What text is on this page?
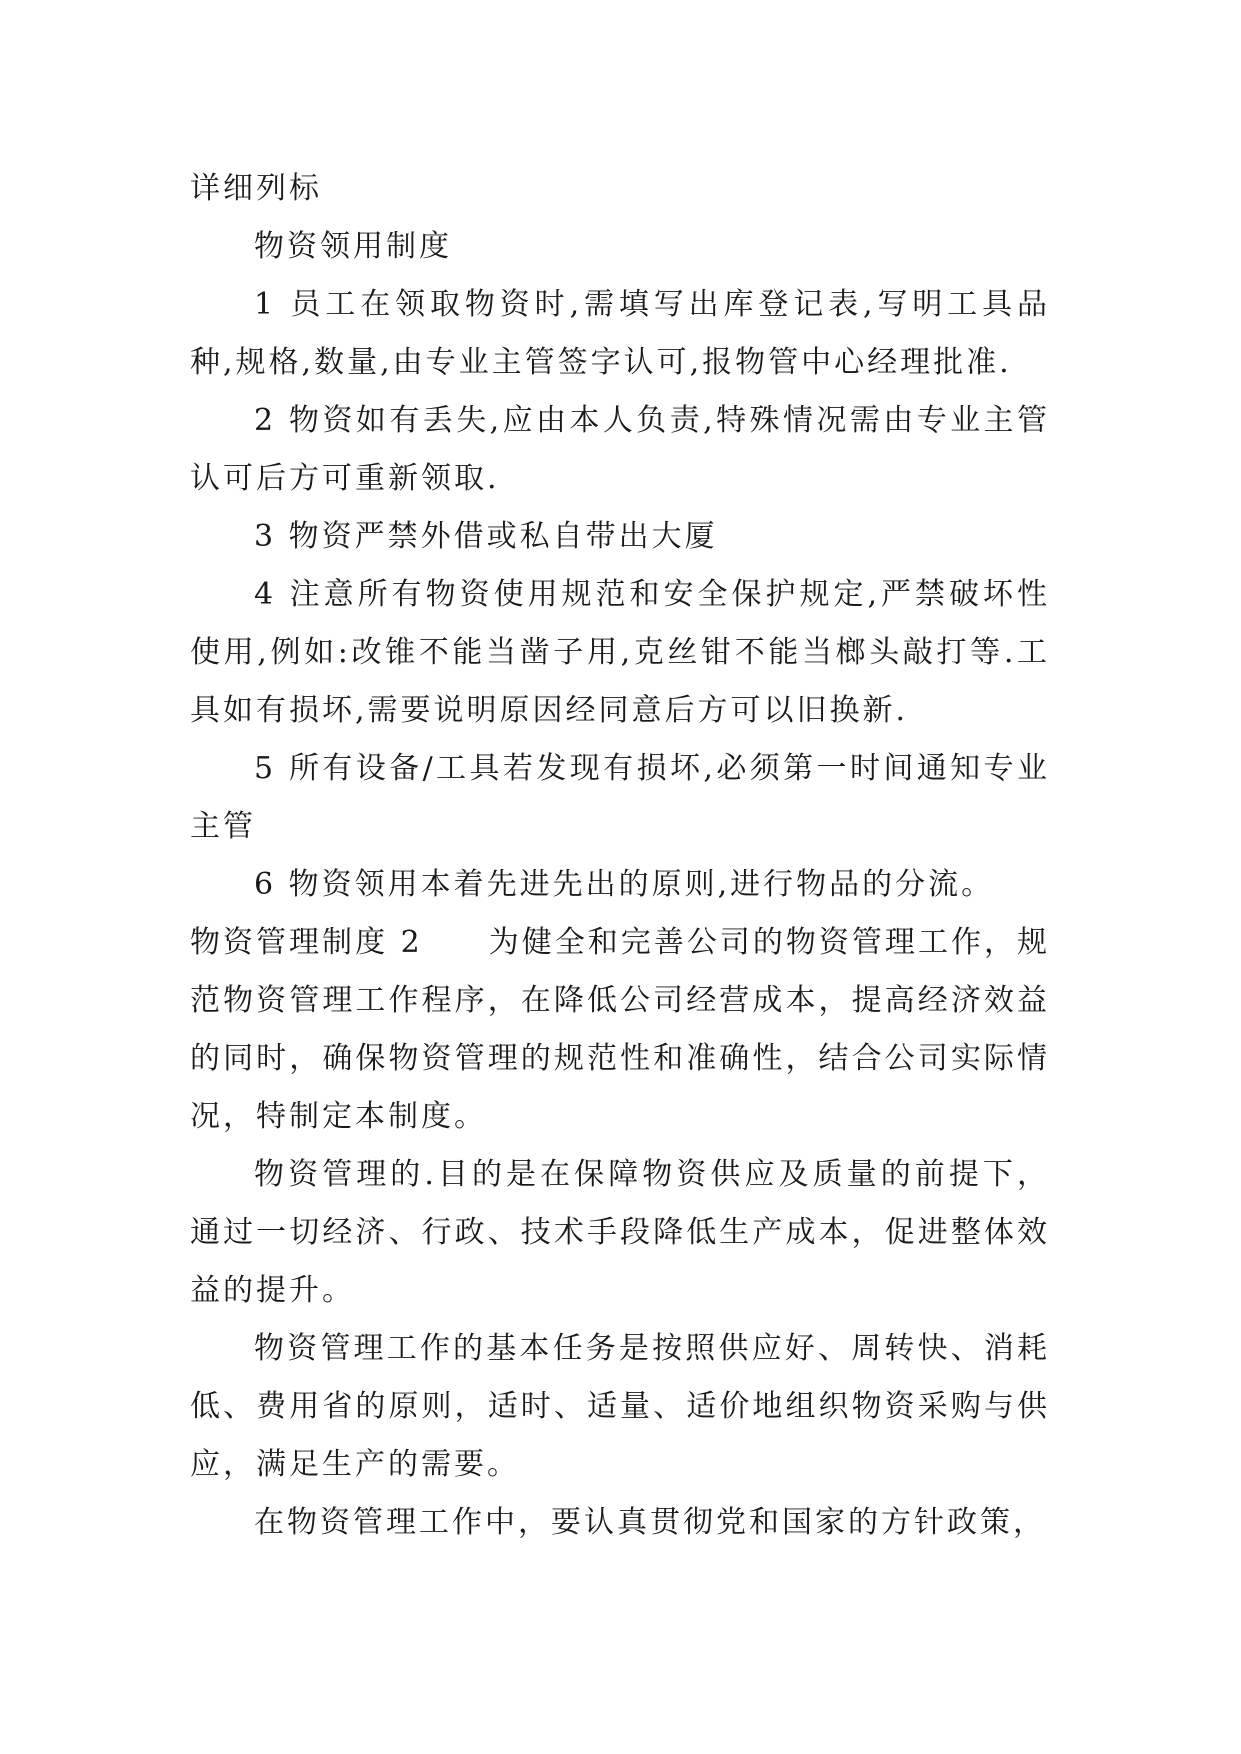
详细列标

物资领用制度

1 员工在领取物资时,需填写出库登记表,写明工具品种,规格,数量,由专业主管签字认可,报物管中心经理批准.

2 物资如有丢失,应由本人负责,特殊情况需由专业主管认可后方可重新领取.

3 物资严禁外借或私自带出大厦

4 注意所有物资使用规范和安全保护规定,严禁破坏性使用,例如:改锥不能当凿子用,克丝钳不能当榔头敲打等.工具如有损坏,需要说明原因经同意后方可以旧换新.

5 所有设备/工具若发现有损坏,必须第一时间通知专业主管

6 物资领用本着先进先出的原则,进行物品的分流。

物资管理制度 2 为健全和完善公司的物资管理工作，规范物资管理工作程序，在降低公司经营成本，提高经济效益的同时，确保物资管理的规范性和准确性，结合公司实际情况，特制定本制度。

物资管理的.目的是在保障物资供应及质量的前提下，通过一切经济、行政、技术手段降低生产成本，促进整体效益的提升。

物资管理工作的基本任务是按照供应好、周转快、消耗低、费用省的原则，适时、适量、适价地组织物资采购与供应，满足生产的需要。

在物资管理工作中，要认真贯彻党和国家的方针政策，
